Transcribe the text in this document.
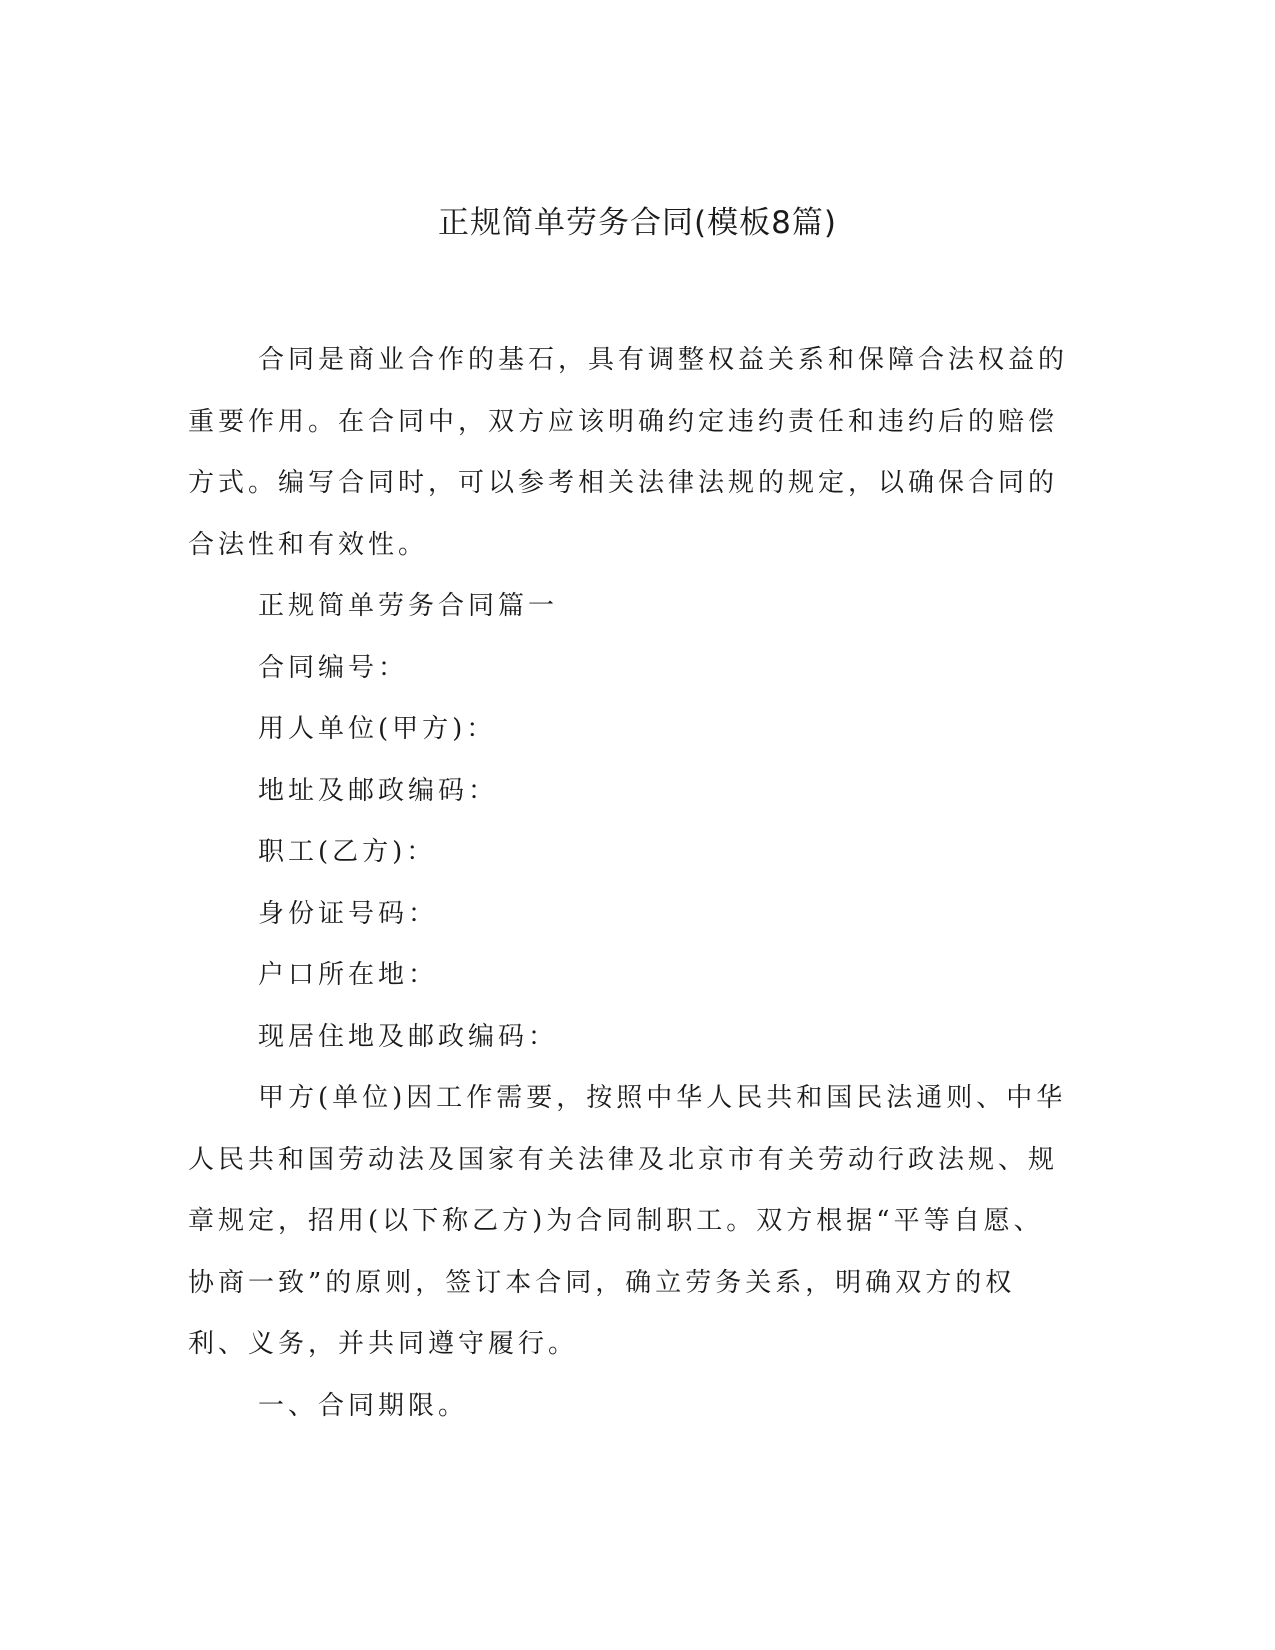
正规简单劳务合同(模板8篇)

合同是商业合作的基石，具有调整权益关系和保障合法权益的重要作用。在合同中，双方应该明确约定违约责任和违约后的赔偿方式。编写合同时，可以参考相关法律法规的规定，以确保合同的合法性和有效性。

正规简单劳务合同篇一

合同编号：

用人单位(甲方)：

地址及邮政编码：

职工(乙方)：

身份证号码：

户口所在地：

现居住地及邮政编码：

甲方(单位)因工作需要，按照中华人民共和国民法通则、中华人民共和国劳动法及国家有关法律及北京市有关劳动行政法规、规章规定，招用(以下称乙方)为合同制职工。双方根据“平等自愿、协商一致”的原则，签订本合同，确立劳务关系，明确双方的权利、义务，并共同遵守履行。

一、合同期限。
